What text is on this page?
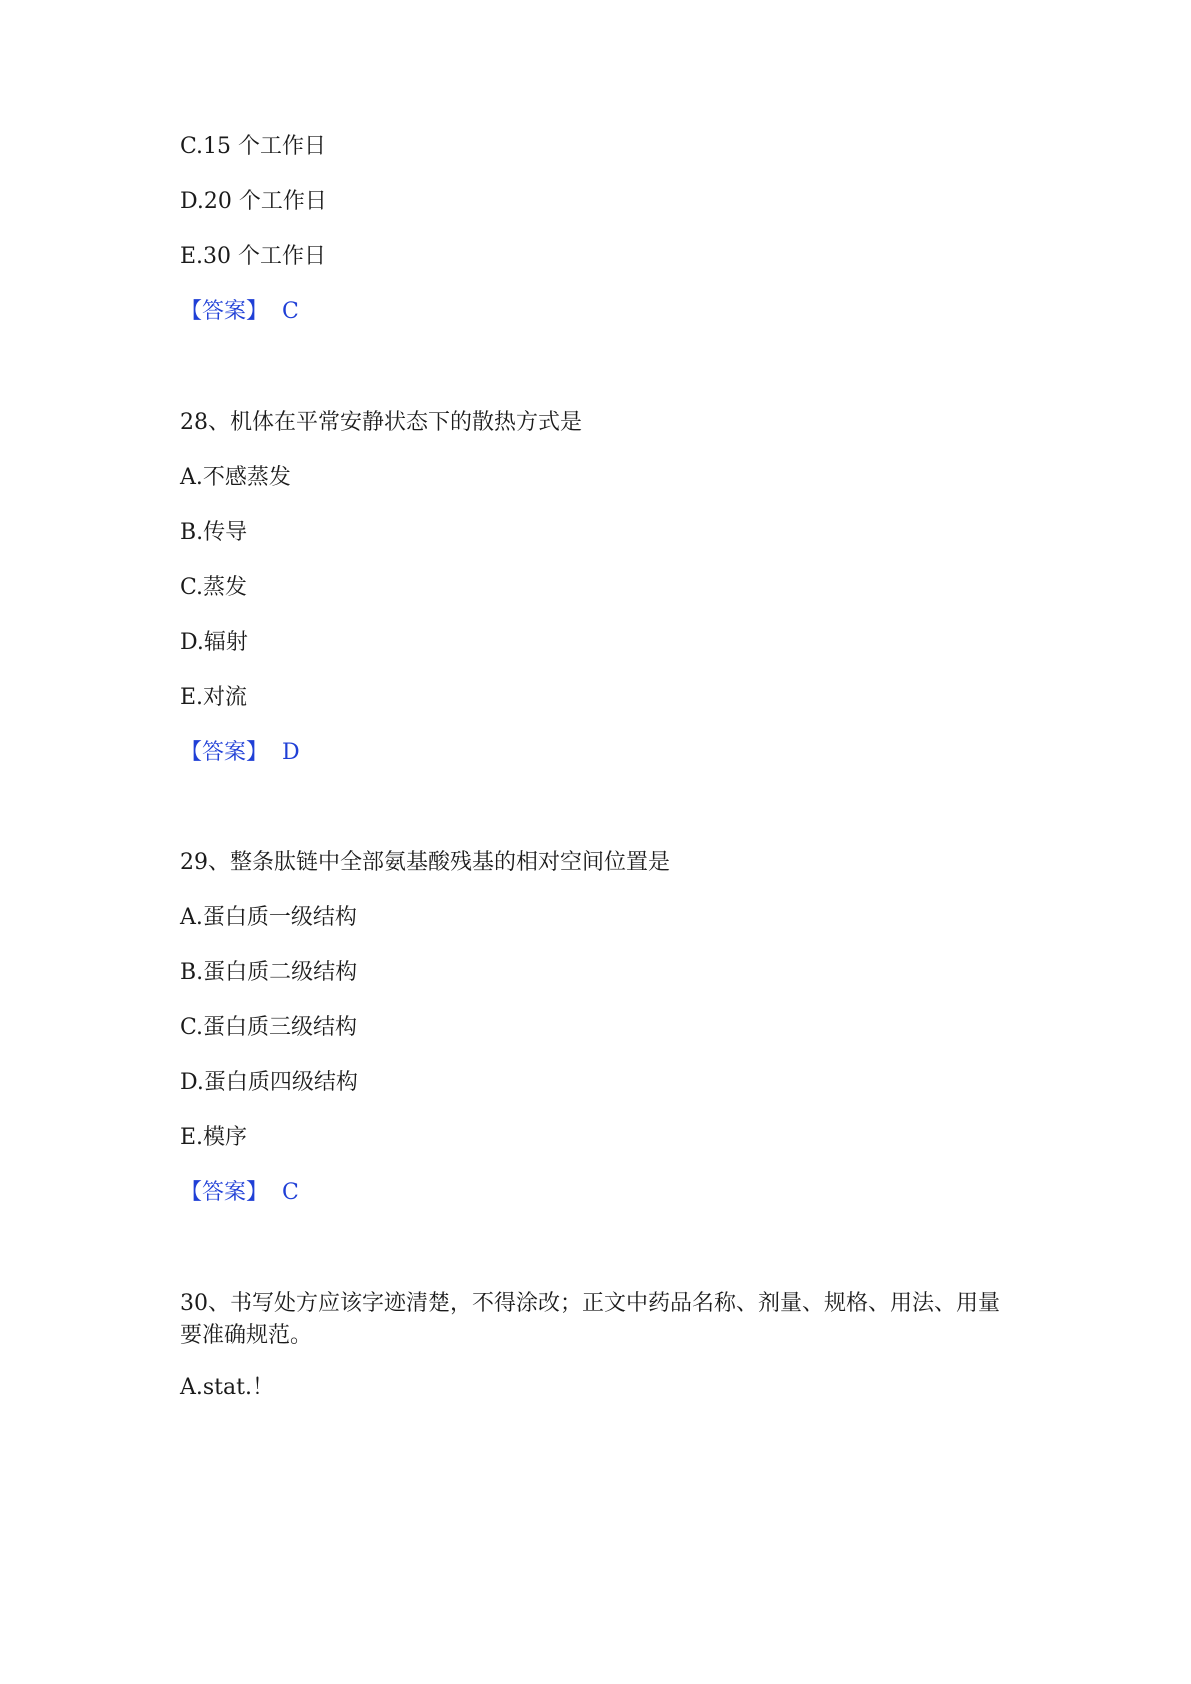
C.15 个工作日
D.20 个工作日
E.30 个工作日
【答案】 C
28、机体在平常安静状态下的散热方式是
A.不感蒸发
B.传导
C.蒸发
D.辐射
E.对流
【答案】 D
29、整条肽链中全部氨基酸残基的相对空间位置是
A.蛋白质一级结构
B.蛋白质二级结构
C.蛋白质三级结构
D.蛋白质四级结构
E.模序
【答案】 C
30、书写处方应该字迹清楚，不得涂改；正文中药品名称、剂量、规格、用法、用量要准确规范。
A.stat.！
